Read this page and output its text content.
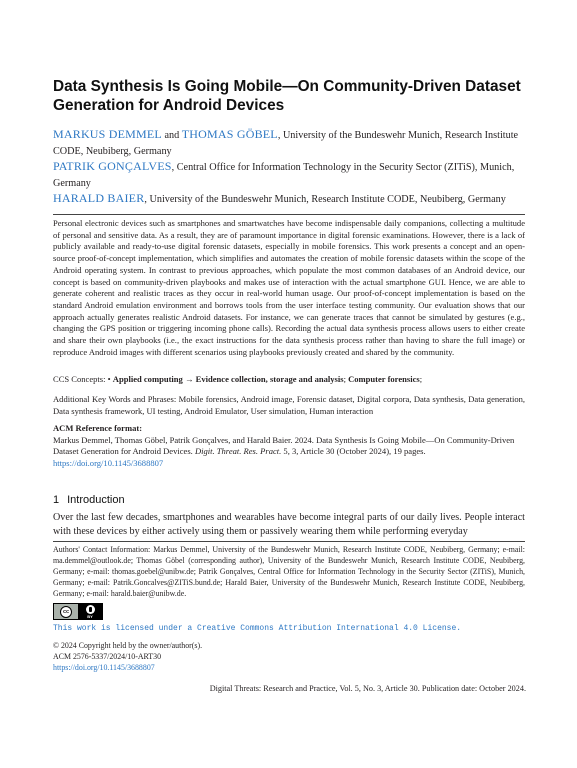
Data Synthesis Is Going Mobile—On Community-Driven Dataset Generation for Android Devices

MARKUS DEMMEL and THOMAS GÖBEL, University of the Bundeswehr Munich, Research Institute CODE, Neubiberg, Germany

PATRIK GONÇALVES, Central Office for Information Technology in the Security Sector (ZITiS), Munich, Germany

HARALD BAIER, University of the Bundeswehr Munich, Research Institute CODE, Neubiberg, Germany

Personal electronic devices such as smartphones and smartwatches have become indispensable daily companions, collecting a multitude of personal and sensitive data. As a result, they are of paramount importance in digital forensic examinations. However, there is a lack of publicly available and ready-to-use digital forensic datasets, especially in mobile forensics. This work presents a concept and an open-source proof-of-concept implementation, which simplifies and automates the creation of mobile forensic datasets within the scope of the Android operating system. In contrast to previous approaches, which populate the most common databases of an Android device, our concept is based on community-driven playbooks and makes use of interaction with the actual smartphone GUI. Hence, we are able to generate coherent and realistic traces as they occur in real-world human usage. Our proof-of-concept implementation is based on the standard Android emulation environment and borrows tools from the user interface testing community. Our evaluation shows that our approach actually generates realistic Android datasets. For instance, we can generate traces that cannot be simulated by gestures (e.g., changing the GPS position or triggering incoming phone calls). Recording the actual data synthesis process allows users to either create and share their own playbooks (i.e., the exact instructions for the data synthesis process rather than having to share the full image) or reproduce Android images with different scenarios using playbooks previously created and shared by the community.

CCS Concepts: • Applied computing → Evidence collection, storage and analysis; Computer forensics;

Additional Key Words and Phrases: Mobile forensics, Android image, Forensic dataset, Digital corpora, Data synthesis, Data generation, Data synthesis framework, UI testing, Android Emulator, User simulation, Human interaction

ACM Reference format:
Markus Demmel, Thomas Göbel, Patrik Gonçalves, and Harald Baier. 2024. Data Synthesis Is Going Mobile—On Community-Driven Dataset Generation for Android Devices. Digit. Threat. Res. Pract. 5, 3, Article 30 (October 2024), 19 pages.
https://doi.org/10.1145/3688807
1 Introduction

Over the last few decades, smartphones and wearables have become integral parts of our daily lives. People interact with these devices by either actively using them or passively wearing them while performing everyday

Authors' Contact Information: Markus Demmel, University of the Bundeswehr Munich, Research Institute CODE, Neubiberg, Germany; e-mail: ma.demmel@outlook.de; Thomas Göbel (corresponding author), University of the Bundeswehr Munich, Research Institute CODE, Neubiberg, Germany; e-mail: thomas.goebel@unibw.de; Patrik Gonçalves, Central Office for Information Technology in the Security Sector (ZITiS), Munich, Germany; e-mail: Patrik.Goncalves@ZITiS.bund.de; Harald Baier, University of the Bundeswehr Munich, Research Institute CODE, Neubiberg, Germany; e-mail: harald.baier@unibw.de.

cc
BY
This work is licensed under a Creative Commons Attribution International 4.0 License.
© 2024 Copyright held by the owner/author(s).
ACM 2576-5337/2024/10-ART30
https://doi.org/10.1145/3688807
Digital Threats: Research and Practice, Vol. 5, No. 3, Article 30. Publication date: October 2024.
